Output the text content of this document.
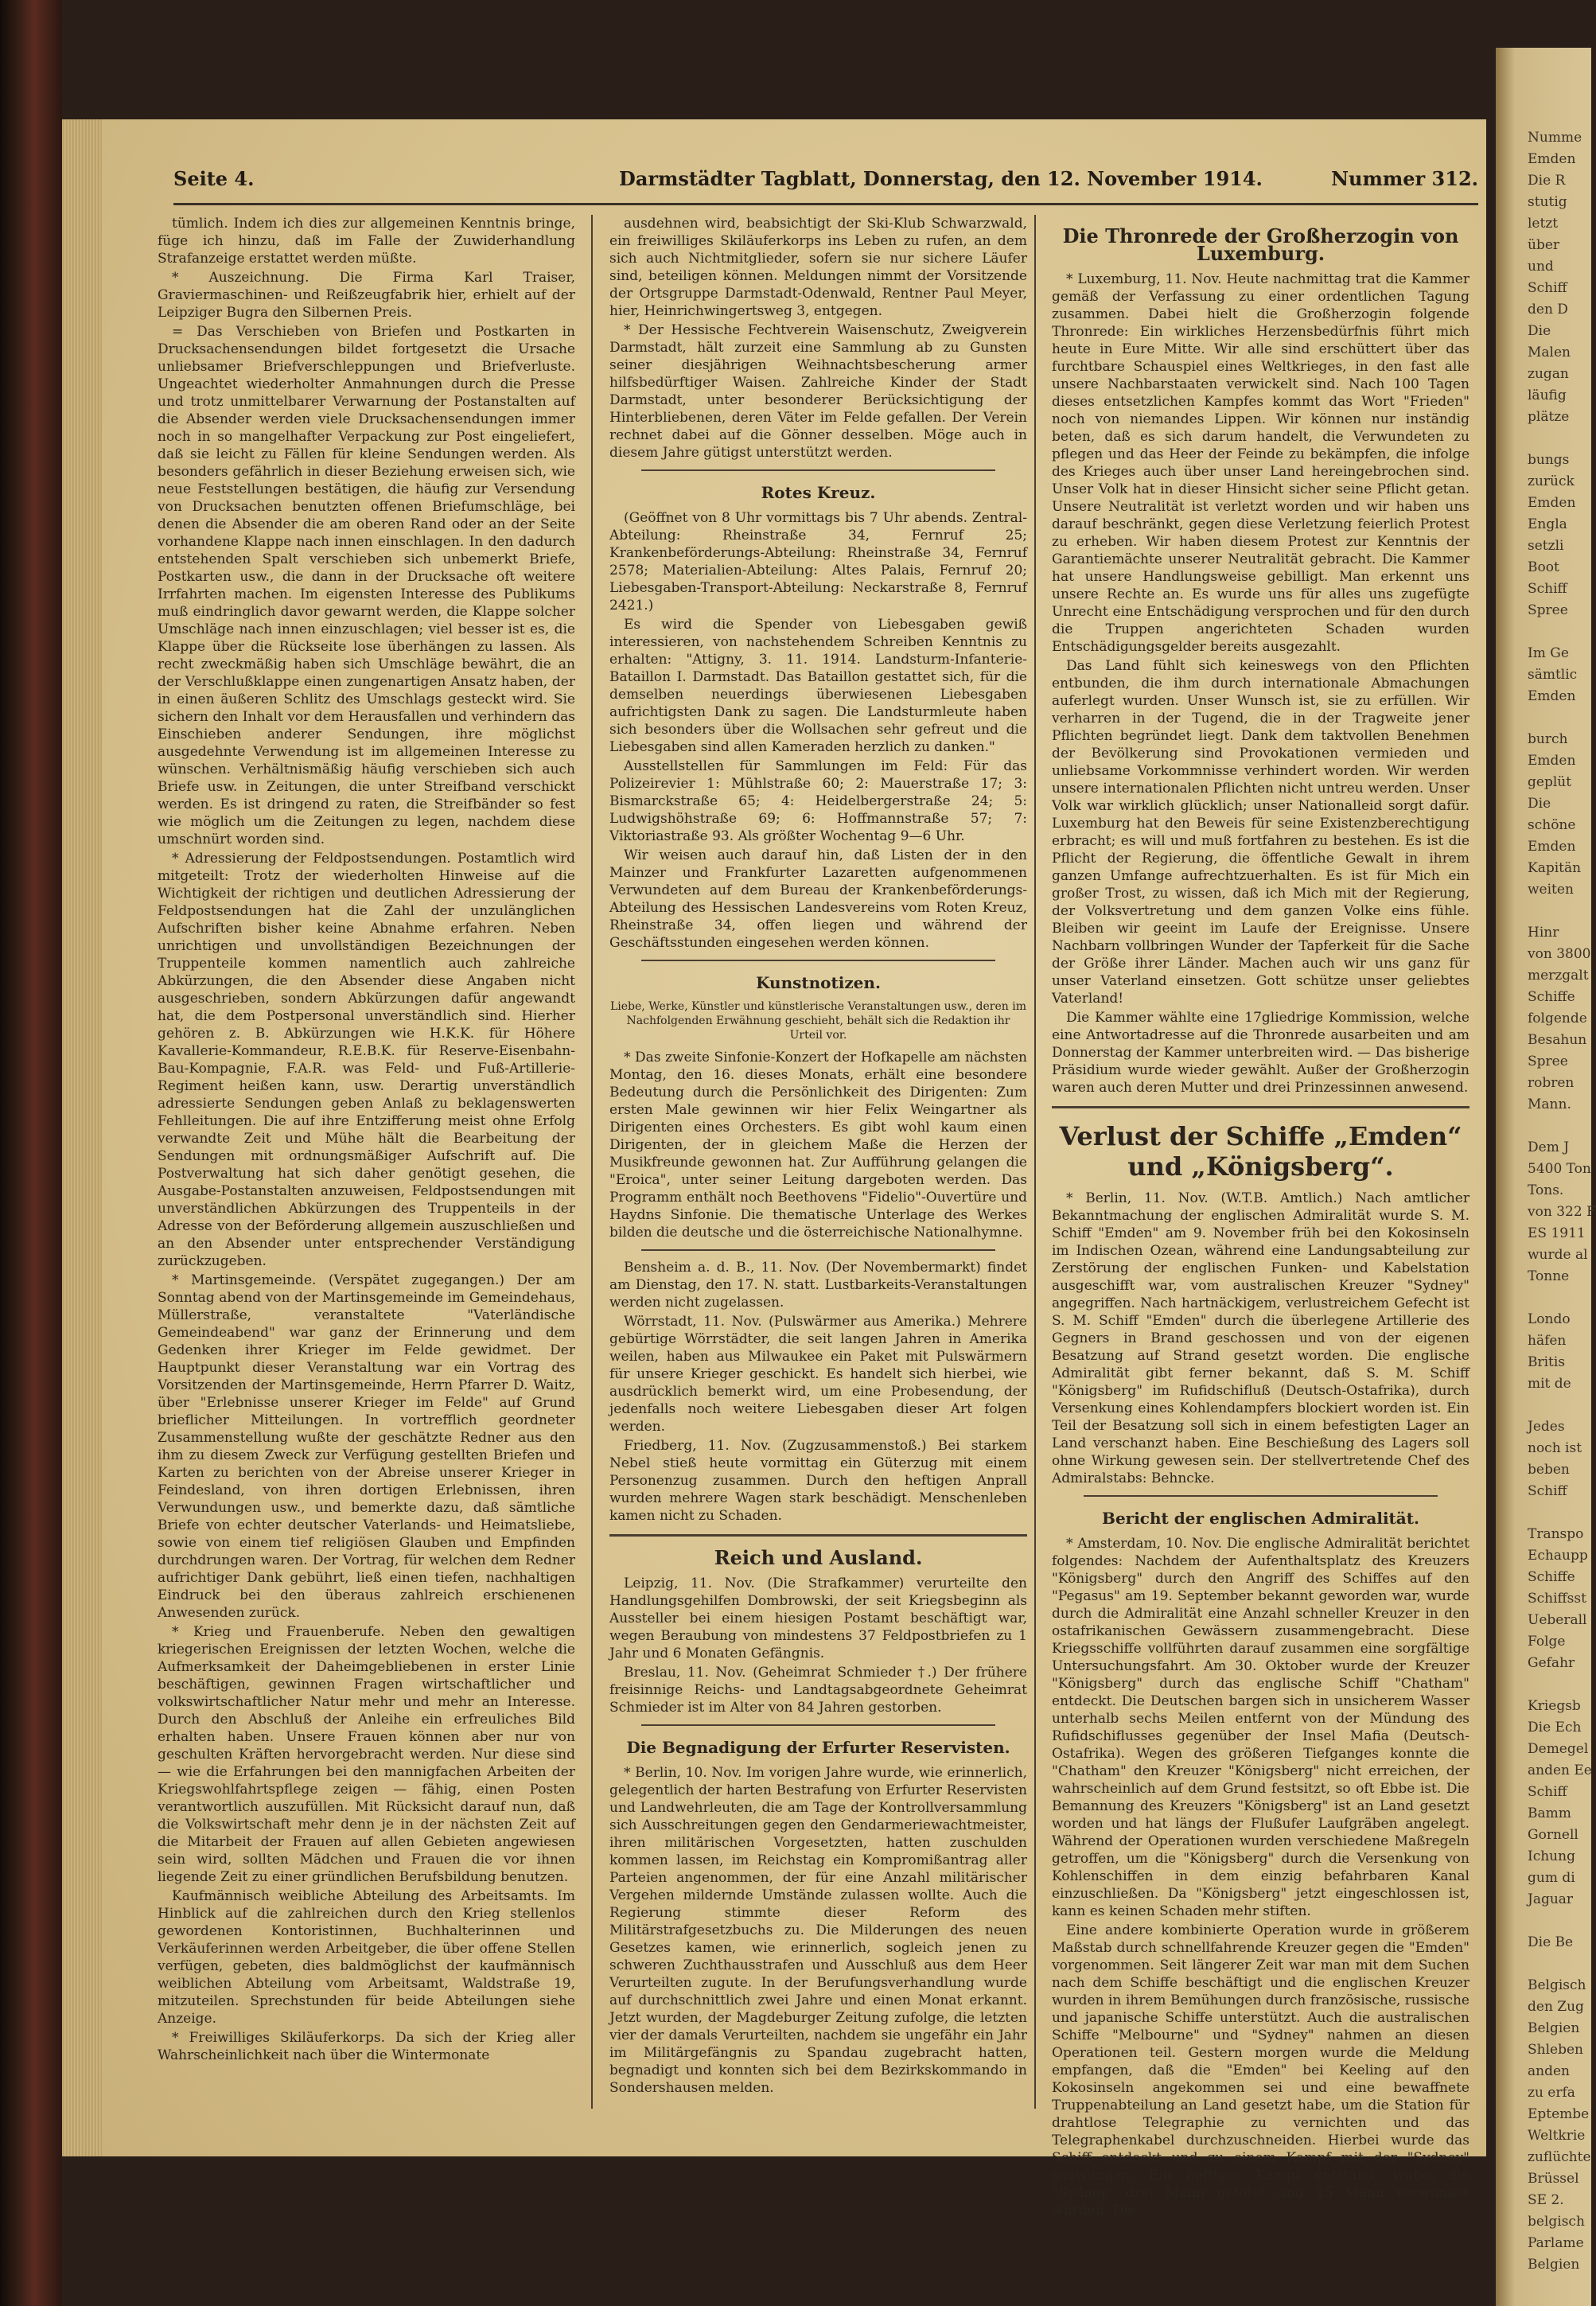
Seite 4.	Darmstädter Tagblatt, Donnerstag, den 12. November 1914.	Nummer 312.

tümlich. Indem ich dies zur allgemeinen Kenntnis bringe, füge ich hinzu, daß im Falle der Zuwiderhandlung Strafanzeige erstattet werden müßte.

* Auszeichnung. Die Firma Karl Traiser, Graviermaschinen- und Reißzeugfabrik hier, erhielt auf der Leipziger Bugra den Silbernen Preis.

= Das Verschieben von Briefen und Postkarten in Drucksachensendungen bildet fortgesetzt die Ursache unliebsamer Briefverschleppungen und Briefverluste. Ungeachtet wiederholter Anmahnungen durch die Presse und trotz unmittelbarer Verwarnung der Postanstalten auf die Absender werden viele Drucksachensendungen immer noch in so mangelhafter Verpackung zur Post eingeliefert, daß sie leicht zu Fällen für kleine Sendungen werden. Als besonders gefährlich in dieser Beziehung erweisen sich, wie neue Feststellungen bestätigen, die häufig zur Versendung von Drucksachen benutzten offenen Briefumschläge, bei denen die Absender die am oberen Rand oder an der Seite vorhandene Klappe nach innen einschlagen. In den dadurch entstehenden Spalt verschieben sich unbemerkt Briefe, Postkarten usw., die dann in der Drucksache oft weitere Irrfahrten machen. Im eigensten Interesse des Publikums muß eindringlich davor gewarnt werden, die Klappe solcher Umschläge nach innen einzuschlagen; viel besser ist es, die Klappe über die Rückseite lose überhängen zu lassen. Als recht zweckmäßig haben sich Umschläge bewährt, die an der Verschlußklappe einen zungenartigen Ansatz haben, der in einen äußeren Schlitz des Umschlags gesteckt wird. Sie sichern den Inhalt vor dem Herausfallen und verhindern das Einschieben anderer Sendungen, ihre möglichst ausgedehnte Verwendung ist im allgemeinen Interesse zu wünschen. Verhältnismäßig häufig verschieben sich auch Briefe usw. in Zeitungen, die unter Streifband verschickt werden. Es ist dringend zu raten, die Streifbänder so fest wie möglich um die Zeitungen zu legen, nachdem diese umschnürt worden sind.

* Adressierung der Feldpostsendungen. Postamtlich wird mitgeteilt: Trotz der wiederholten Hinweise auf die Wichtigkeit der richtigen und deutlichen Adressierung der Feldpostsendungen hat die Zahl der unzulänglichen Aufschriften bisher keine Abnahme erfahren. Neben unrichtigen und unvollständigen Bezeichnungen der Truppenteile kommen namentlich auch zahlreiche Abkürzungen, die den Absender diese Angaben nicht ausgeschrieben, sondern Abkürzungen dafür angewandt hat, die dem Postpersonal unverständlich sind. Hierher gehören z. B. Abkürzungen wie H.K.K. für Höhere Kavallerie-Kommandeur, R.E.B.K. für Reserve-Eisenbahn-Bau-Kompagnie, F.A.R. was Feld- und Fuß-Artillerie-Regiment heißen kann, usw. Derartig unverständlich adressierte Sendungen geben Anlaß zu beklagenswerten Fehlleitungen. Die auf ihre Entzifferung meist ohne Erfolg verwandte Zeit und Mühe hält die Bearbeitung der Sendungen mit ordnungsmäßiger Aufschrift auf. Die Postverwaltung hat sich daher genötigt gesehen, die Ausgabe-Postanstalten anzuweisen, Feldpostsendungen mit unverständlichen Abkürzungen des Truppenteils in der Adresse von der Beförderung allgemein auszuschließen und an den Absender unter entsprechender Verständigung zurückzugeben.

* Martinsgemeinde. (Verspätet zugegangen.) Der am Sonntag abend von der Martinsgemeinde im Gemeindehaus, Müllerstraße, veranstaltete "Vaterländische Gemeindeabend" war ganz der Erinnerung und dem Gedenken ihrer Krieger im Felde gewidmet. Der Hauptpunkt dieser Veranstaltung war ein Vortrag des Vorsitzenden der Martinsgemeinde, Herrn Pfarrer D. Waitz, über "Erlebnisse unserer Krieger im Felde" auf Grund brieflicher Mitteilungen. In vortrefflich geordneter Zusammenstellung wußte der geschätzte Redner aus den ihm zu diesem Zweck zur Verfügung gestellten Briefen und Karten zu berichten von der Abreise unserer Krieger in Feindesland, von ihren dortigen Erlebnissen, ihren Verwundungen usw., und bemerkte dazu, daß sämtliche Briefe von echter deutscher Vaterlands- und Heimatsliebe, sowie von einem tief religiösen Glauben und Empfinden durchdrungen waren. Der Vortrag, für welchen dem Redner aufrichtiger Dank gebührt, ließ einen tiefen, nachhaltigen Eindruck bei den überaus zahlreich erschienenen Anwesenden zurück.

* Krieg und Frauenberufe. Neben den gewaltigen kriegerischen Ereignissen der letzten Wochen, welche die Aufmerksamkeit der Daheimgebliebenen in erster Linie beschäftigen, gewinnen Fragen wirtschaftlicher und volkswirtschaftlicher Natur mehr und mehr an Interesse. Durch den Abschluß der Anleihe ein erfreuliches Bild erhalten haben. Unsere Frauen können aber nur von geschulten Kräften hervorgebracht werden. Nur diese sind — wie die Erfahrungen bei den mannigfachen Arbeiten der Kriegswohlfahrtspflege zeigen — fähig, einen Posten verantwortlich auszufüllen. Mit Rücksicht darauf nun, daß die Volkswirtschaft mehr denn je in der nächsten Zeit auf die Mitarbeit der Frauen auf allen Gebieten angewiesen sein wird, sollten Mädchen und Frauen die vor ihnen liegende Zeit zu einer gründlichen Berufsbildung benutzen.

Kaufmännisch weibliche Abteilung des Arbeitsamts. Im Hinblick auf die zahlreichen durch den Krieg stellenlos gewordenen Kontoristinnen, Buchhalterinnen und Verkäuferinnen werden Arbeitgeber, die über offene Stellen verfügen, gebeten, dies baldmöglichst der kaufmännisch weiblichen Abteilung vom Arbeitsamt, Waldstraße 19, mitzuteilen. Sprechstunden für beide Abteilungen siehe Anzeige.

* Freiwilliges Skiläuferkorps. Da sich der Krieg aller Wahrscheinlichkeit nach über die Wintermonate

ausdehnen wird, beabsichtigt der Ski-Klub Schwarzwald, ein freiwilliges Skiläuferkorps ins Leben zu rufen, an dem sich auch Nichtmitglieder, sofern sie nur sichere Läufer sind, beteiligen können. Meldungen nimmt der Vorsitzende der Ortsgruppe Darmstadt-Odenwald, Rentner Paul Meyer, hier, Heinrichwingertsweg 3, entgegen.

* Der Hessische Fechtverein Waisenschutz, Zweigverein Darmstadt, hält zurzeit eine Sammlung ab zu Gunsten seiner diesjährigen Weihnachtsbescherung armer hilfsbedürftiger Waisen. Zahlreiche Kinder der Stadt Darmstadt, unter besonderer Berücksichtigung der Hinterbliebenen, deren Väter im Felde gefallen. Der Verein rechnet dabei auf die Gönner desselben. Möge auch in diesem Jahre gütigst unterstützt werden.

Rotes Kreuz.

(Geöffnet von 8 Uhr vormittags bis 7 Uhr abends. Zentral-Abteilung: Rheinstraße 34, Fernruf 25; Krankenbeförderungs-Abteilung: Rheinstraße 34, Fernruf 2578; Materialien-Abteilung: Altes Palais, Fernruf 20; Liebesgaben-Transport-Abteilung: Neckarstraße 8, Fernruf 2421.)

Es wird die Spender von Liebesgaben gewiß interessieren, von nachstehendem Schreiben Kenntnis zu erhalten: "Attigny, 3. 11. 1914. Landsturm-Infanterie-Bataillon I. Darmstadt. Das Bataillon gestattet sich, für die demselben neuerdings überwiesenen Liebesgaben aufrichtigsten Dank zu sagen. Die Landsturmleute haben sich besonders über die Wollsachen sehr gefreut und die Liebesgaben sind allen Kameraden herzlich zu danken."

Ausstellstellen für Sammlungen im Feld: Für das Polizeirevier 1: Mühlstraße 60; 2: Mauerstraße 17; 3: Bismarckstraße 65; 4: Heidelbergerstraße 24; 5: Ludwigshöhstraße 69; 6: Hoffmannstraße 57; 7: Viktoriastraße 93. Als größter Wochentag 9—6 Uhr.

Wir weisen auch darauf hin, daß Listen der in den Mainzer und Frankfurter Lazaretten aufgenommenen Verwundeten auf dem Bureau der Krankenbeförderungs-Abteilung des Hessischen Landesvereins vom Roten Kreuz, Rheinstraße 34, offen liegen und während der Geschäftsstunden eingesehen werden können.

Kunstnotizen.
Liebe, Werke, Künstler und künstlerische Veranstaltungen usw., deren im Nachfolgenden Erwähnung geschieht, behält sich die Redaktion ihr Urteil vor.

* Das zweite Sinfonie-Konzert der Hofkapelle am nächsten Montag, den 16. dieses Monats, erhält eine besondere Bedeutung durch die Persönlichkeit des Dirigenten: Zum ersten Male gewinnen wir hier Felix Weingartner als Dirigenten eines Orchesters. Es gibt wohl kaum einen Dirigenten, der in gleichem Maße die Herzen der Musikfreunde gewonnen hat. Zur Aufführung gelangen die "Eroica", unter seiner Leitung dargeboten werden. Das Programm enthält noch Beethovens "Fidelio"-Ouvertüre und Haydns Sinfonie. Die thematische Unterlage des Werkes bilden die deutsche und die österreichische Nationalhymne.

Bensheim a. d. B., 11. Nov. (Der Novembermarkt) findet am Dienstag, den 17. N. statt. Lustbarkeits-Veranstaltungen werden nicht zugelassen.

Wörrstadt, 11. Nov. (Pulswärmer aus Amerika.) Mehrere gebürtige Wörrstädter, die seit langen Jahren in Amerika weilen, haben aus Milwaukee ein Paket mit Pulswärmern für unsere Krieger geschickt. Es handelt sich hierbei, wie ausdrücklich bemerkt wird, um eine Probesendung, der jedenfalls noch weitere Liebesgaben dieser Art folgen werden.

Friedberg, 11. Nov. (Zugzusammenstoß.) Bei starkem Nebel stieß heute vormittag ein Güterzug mit einem Personenzug zusammen. Durch den heftigen Anprall wurden mehrere Wagen stark beschädigt. Menschenleben kamen nicht zu Schaden.

Reich und Ausland.

Leipzig, 11. Nov. (Die Strafkammer) verurteilte den Handlungsgehilfen Dombrowski, der seit Kriegsbeginn als Aussteller bei einem hiesigen Postamt beschäftigt war, wegen Beraubung von mindestens 37 Feldpostbriefen zu 1 Jahr und 6 Monaten Gefängnis.

Breslau, 11. Nov. (Geheimrat Schmieder †.) Der frühere freisinnige Reichs- und Landtagsabgeordnete Geheimrat Schmieder ist im Alter von 84 Jahren gestorben.

Die Begnadigung der Erfurter Reservisten.

* Berlin, 10. Nov. Im vorigen Jahre wurde, wie erinnerlich, gelegentlich der harten Bestrafung von Erfurter Reservisten und Landwehrleuten, die am Tage der Kontrollversammlung sich Ausschreitungen gegen den Gendarmeriewachtmeister, ihren militärischen Vorgesetzten, hatten zuschulden kommen lassen, im Reichstag ein Kompromißantrag aller Parteien angenommen, der für eine Anzahl militärischer Vergehen mildernde Umstände zulassen wollte. Auch die Regierung stimmte dieser Reform des Militärstrafgesetzbuchs zu. Die Milderungen des neuen Gesetzes kamen, wie erinnerlich, sogleich jenen zu schweren Zuchthausstrafen und Ausschluß aus dem Heer Verurteilten zugute. In der Berufungsverhandlung wurde auf durchschnittlich zwei Jahre und einen Monat erkannt. Jetzt wurden, der Magdeburger Zeitung zufolge, die letzten vier der damals Verurteilten, nachdem sie ungefähr ein Jahr im Militärgefängnis zu Spandau zugebracht hatten, begnadigt und konnten sich bei dem Bezirkskommando in Sondershausen melden.

Die Thronrede der Großherzogin von Luxemburg.

* Luxemburg, 11. Nov. Heute nachmittag trat die Kammer gemäß der Verfassung zu einer ordentlichen Tagung zusammen. Dabei hielt die Großherzogin folgende Thronrede: Ein wirkliches Herzensbedürfnis führt mich heute in Eure Mitte. Wir alle sind erschüttert über das furchtbare Schauspiel eines Weltkrieges, in den fast alle unsere Nachbarstaaten verwickelt sind. Nach 100 Tagen dieses entsetzlichen Kampfes kommt das Wort "Frieden" noch von niemandes Lippen. Wir können nur inständig beten, daß es sich darum handelt, die Verwundeten zu pflegen und das Heer der Feinde zu bekämpfen, die infolge des Krieges auch über unser Land hereingebrochen sind. Unser Volk hat in dieser Hinsicht sicher seine Pflicht getan. Unsere Neutralität ist verletzt worden und wir haben uns darauf beschränkt, gegen diese Verletzung feierlich Protest zu erheben. Wir haben diesem Protest zur Kenntnis der Garantiemächte unserer Neutralität gebracht. Die Kammer hat unsere Handlungsweise gebilligt. Man erkennt uns unsere Rechte an. Es wurde uns für alles uns zugefügte Unrecht eine Entschädigung versprochen und für den durch die Truppen angerichteten Schaden wurden Entschädigungsgelder bereits ausgezahlt.

Das Land fühlt sich keineswegs von den Pflichten entbunden, die ihm durch internationale Abmachungen auferlegt wurden. Unser Wunsch ist, sie zu erfüllen. Wir verharren in der Tugend, die in der Tragweite jener Pflichten begründet liegt. Dank dem taktvollen Benehmen der Bevölkerung sind Provokationen vermieden und unliebsame Vorkommnisse verhindert worden. Wir werden unsere internationalen Pflichten nicht untreu werden. Unser Volk war wirklich glücklich; unser Nationalleid sorgt dafür. Luxemburg hat den Beweis für seine Existenzberechtigung erbracht; es will und muß fortfahren zu bestehen. Es ist die Pflicht der Regierung, die öffentliche Gewalt in ihrem ganzen Umfange aufrechtzuerhalten. Es ist für Mich ein großer Trost, zu wissen, daß ich Mich mit der Regierung, der Volksvertretung und dem ganzen Volke eins fühle. Bleiben wir geeint im Laufe der Ereignisse. Unsere Nachbarn vollbringen Wunder der Tapferkeit für die Sache der Größe ihrer Länder. Machen auch wir uns ganz für unser Vaterland einsetzen. Gott schütze unser geliebtes Vaterland!

Die Kammer wählte eine 17gliedrige Kommission, welche eine Antwortadresse auf die Thronrede ausarbeiten und am Donnerstag der Kammer unterbreiten wird. — Das bisherige Präsidium wurde wieder gewählt. Außer der Großherzogin waren auch deren Mutter und drei Prinzessinnen anwesend.

Verlust der Schiffe „Emden“ und „Königsberg“.

* Berlin, 11. Nov. (W.T.B. Amtlich.) Nach amtlicher Bekanntmachung der englischen Admiralität wurde S. M. Schiff "Emden" am 9. November früh bei den Kokosinseln im Indischen Ozean, während eine Landungsabteilung zur Zerstörung der englischen Funken- und Kabelstation ausgeschifft war, vom australischen Kreuzer "Sydney" angegriffen. Nach hartnäckigem, verlustreichem Gefecht ist S. M. Schiff "Emden" durch die überlegene Artillerie des Gegners in Brand geschossen und von der eigenen Besatzung auf Strand gesetzt worden. Die englische Admiralität gibt ferner bekannt, daß S. M. Schiff "Königsberg" im Rufidschifluß (Deutsch-Ostafrika), durch Versenkung eines Kohlendampfers blockiert worden ist. Ein Teil der Besatzung soll sich in einem befestigten Lager an Land verschanzt haben. Eine Beschießung des Lagers soll ohne Wirkung gewesen sein. Der stellvertretende Chef des Admiralstabs: Behncke.

Bericht der englischen Admiralität.

* Amsterdam, 10. Nov. Die englische Admiralität berichtet folgendes: Nachdem der Aufenthaltsplatz des Kreuzers "Königsberg" durch den Angriff des Schiffes auf den "Pegasus" am 19. September bekannt geworden war, wurde durch die Admiralität eine Anzahl schneller Kreuzer in den ostafrikanischen Gewässern zusammengebracht. Diese Kriegsschiffe vollführten darauf zusammen eine sorgfältige Untersuchungsfahrt. Am 30. Oktober wurde der Kreuzer "Königsberg" durch das englische Schiff "Chatham" entdeckt. Die Deutschen bargen sich in unsicherem Wasser unterhalb sechs Meilen entfernt von der Mündung des Rufidschiflusses gegenüber der Insel Mafia (Deutsch-Ostafrika). Wegen des größeren Tiefganges konnte die "Chatham" den Kreuzer "Königsberg" nicht erreichen, der wahrscheinlich auf dem Grund festsitzt, so oft Ebbe ist. Die Bemannung des Kreuzers "Königsberg" ist an Land gesetzt worden und hat längs der Flußufer Laufgräben angelegt. Während der Operationen wurden verschiedene Maßregeln getroffen, um die "Königsberg" durch die Versenkung von Kohlenschiffen in dem einzig befahrbaren Kanal einzuschließen. Da "Königsberg" jetzt eingeschlossen ist, kann es keinen Schaden mehr stiften.

Eine andere kombinierte Operation wurde in größerem Maßstab durch schnellfahrende Kreuzer gegen die "Emden" vorgenommen. Seit längerer Zeit war man mit dem Suchen nach dem Schiffe beschäftigt und die englischen Kreuzer wurden in ihrem Bemühungen durch französische, russische und japanische Schiffe unterstützt. Auch die australischen Schiffe "Melbourne" und "Sydney" nahmen an diesen Operationen teil. Gestern morgen wurde die Meldung empfangen, daß die "Emden" bei Keeling auf den Kokosinseln angekommen sei und eine bewaffnete Truppenabteilung an Land gesetzt habe, um die Station für drahtlose Telegraphie zu vernichten und das Telegraphenkabel durchzuschneiden. Hierbei wurde das Schiff entdeckt und zu einem Kampf mit der "Sydney" gezwungen. Ein heftiger Kampf entstand, wobei die "Sydney" drei Mann getötet und 15 Mann verwundet wurden. Die

Numme
Emden
Die R
stutig
letzt
über
und
Schiff
den D
Die
Malen
zugan
läufig
plätze

bungs
zurück
Emden
Engla
setzli
Boot
Schiff
Spree

Im Ge
sämtlic
Emden

burch
Emden
geplüt
Die
schöne
Emden
Kapitän
weiten

Hinr
von 3800
merzgalt
Schiffe
folgende
Besahun
Spree
robren
Mann.

Dem J
5400 Ton
Tons.
von 322 F
ES 1911
wurde al
Tonne

Londo
häfen
Britis
mit de

Jedes
noch ist
beben
Schiff

Transpo
Echaupp
Schiffe
Schiffsst
Ueberall
Folge
Gefahr

Kriegsb
Die Ech
Demegel
anden Ee
Schiff
Bamm
Gornell
Ichung
gum di
Jaguar

Die Be

Belgisch
den Zug
Belgien
Shleben
anden
zu erfa
Eptembe
Weltkrie
zuflüchte
Brüssel
SE 2.
belgisch
Parlame
Belgien
